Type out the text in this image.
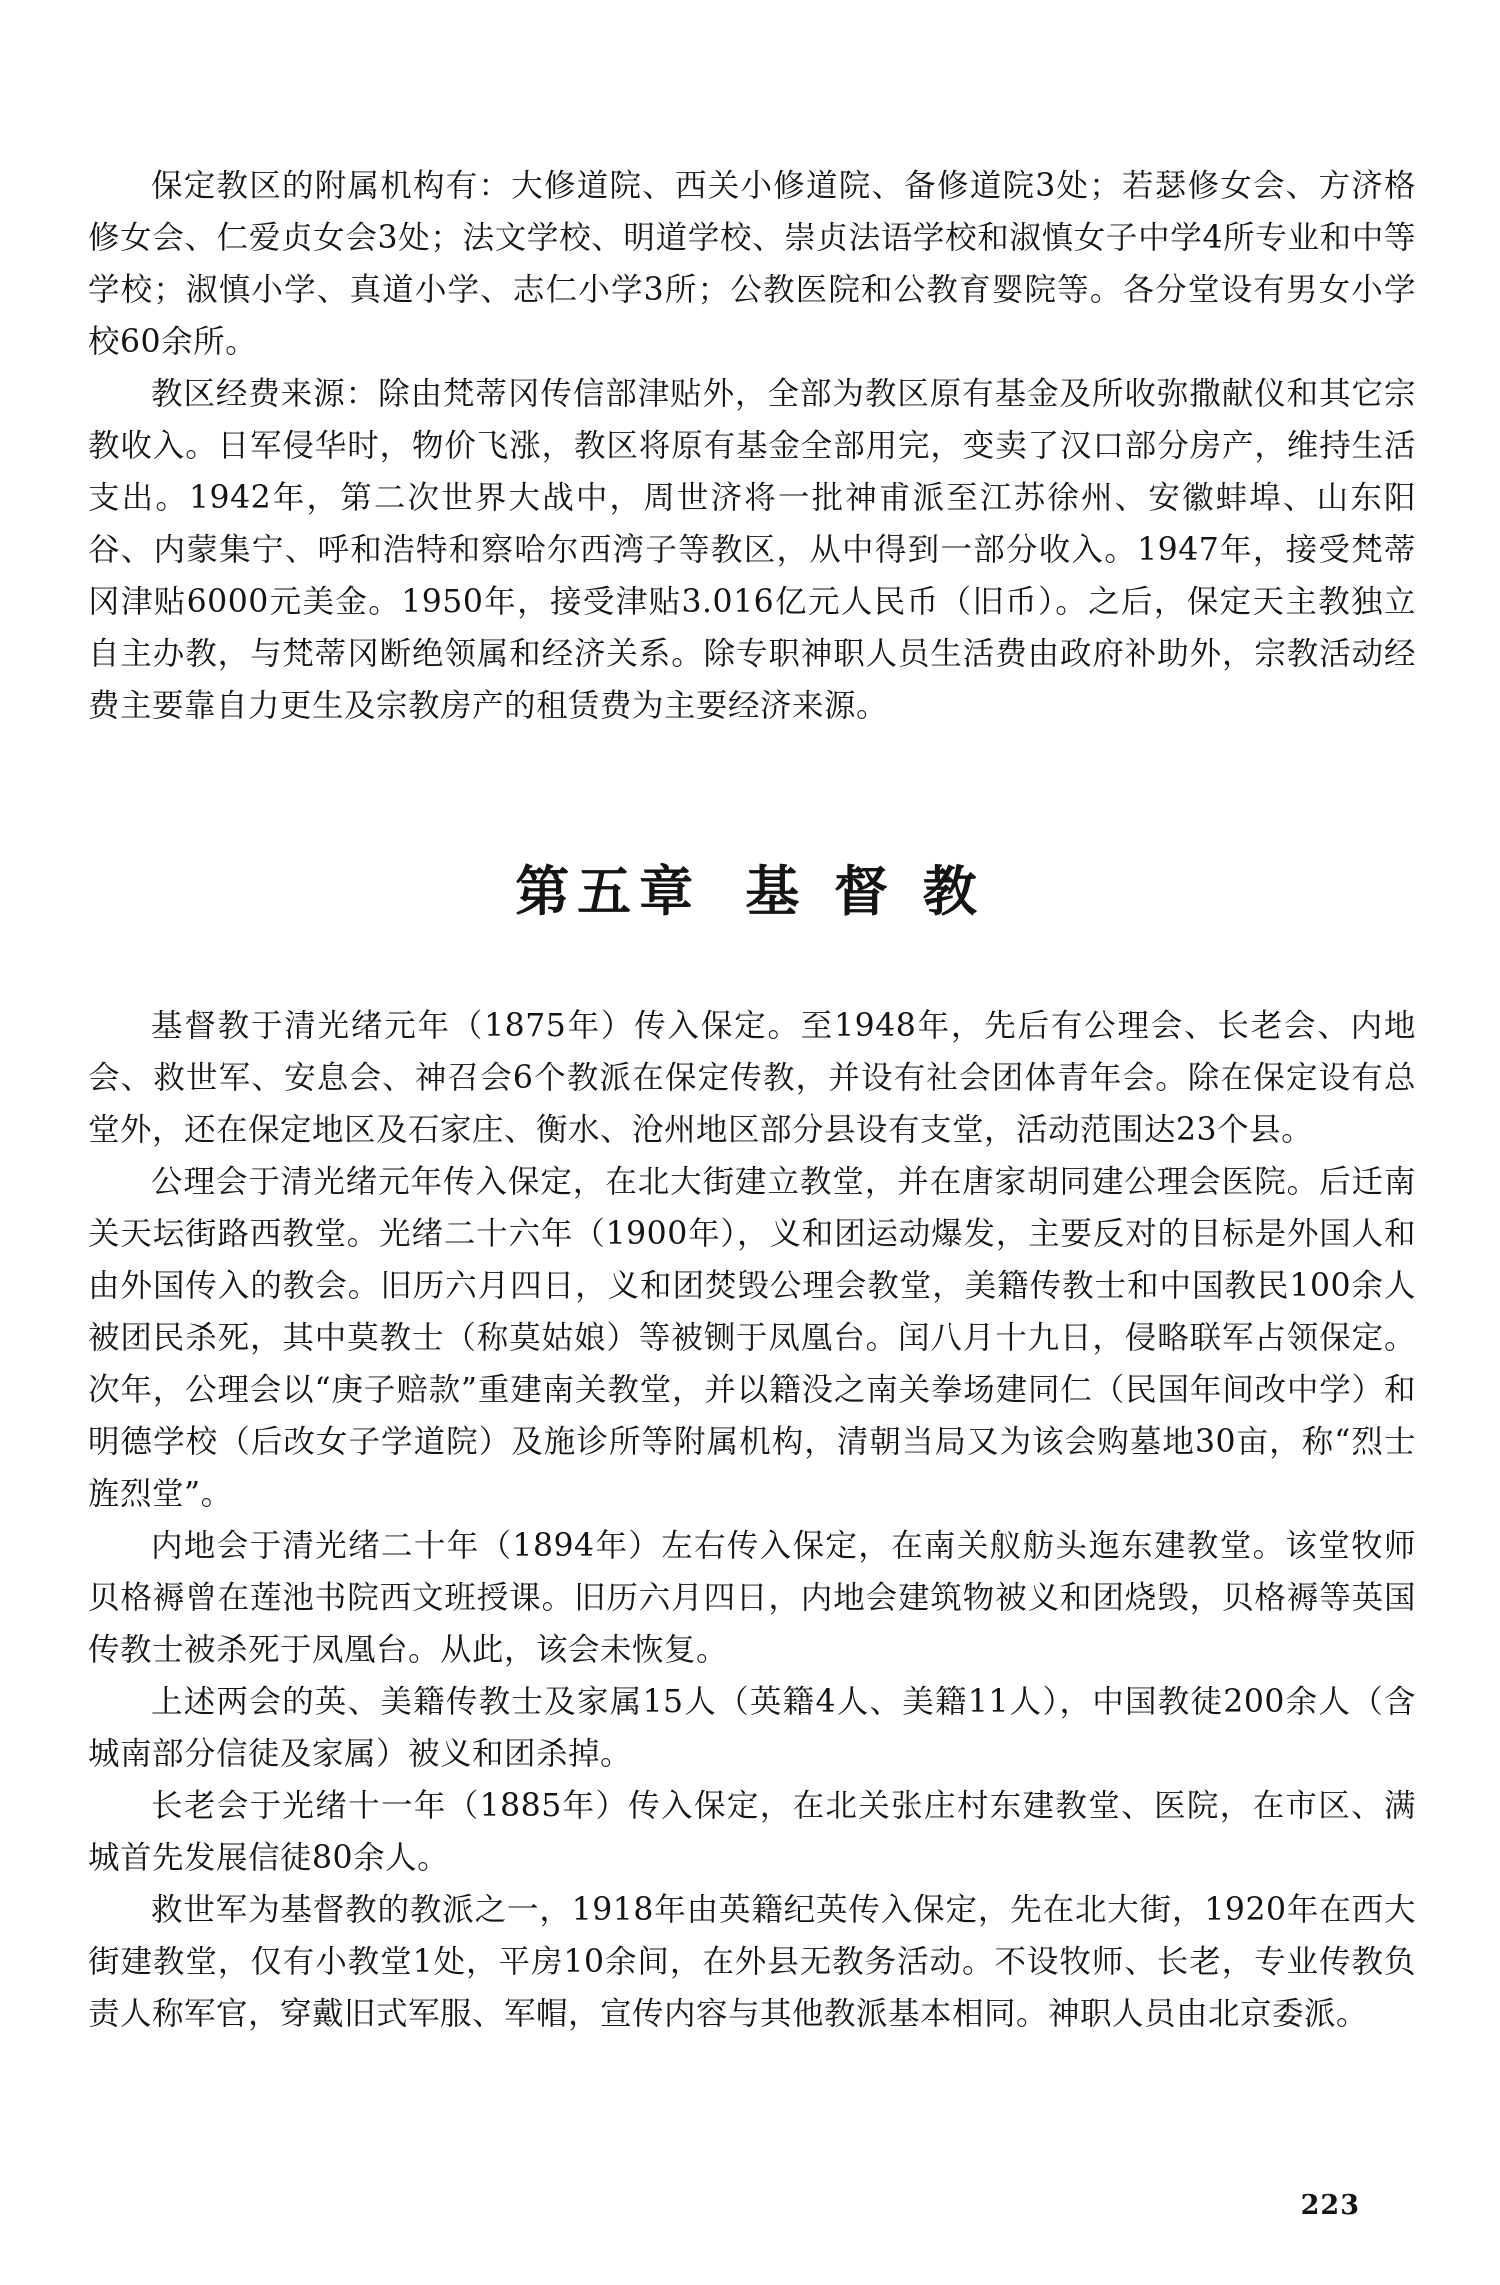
保定教区的附属机构有：大修道院、西关小修道院、备修道院3处；若瑟修女会、方济格修女会、仁爱贞女会3处；法文学校、明道学校、崇贞法语学校和淑慎女子中学4所专业和中等学校；淑慎小学、真道小学、志仁小学3所；公教医院和公教育婴院等。各分堂设有男女小学校60余所。

教区经费来源：除由梵蒂冈传信部津贴外，全部为教区原有基金及所收弥撒献仪和其它宗教收入。日军侵华时，物价飞涨，教区将原有基金全部用完，变卖了汉口部分房产，维持生活支出。1942年，第二次世界大战中，周世济将一批神甫派至江苏徐州、安徽蚌埠、山东阳谷、内蒙集宁、呼和浩特和察哈尔西湾子等教区，从中得到一部分收入。1947年，接受梵蒂冈津贴6000元美金。1950年，接受津贴3.016亿元人民币（旧币）。之后，保定天主教独立自主办教，与梵蒂冈断绝领属和经济关系。除专职神职人员生活费由政府补助外，宗教活动经费主要靠自力更生及宗教房产的租赁费为主要经济来源。

第五章 基 督 教

基督教于清光绪元年（1875年）传入保定。至1948年，先后有公理会、长老会、内地会、救世军、安息会、神召会6个教派在保定传教，并设有社会团体青年会。除在保定设有总堂外，还在保定地区及石家庄、衡水、沧州地区部分县设有支堂，活动范围达23个县。

公理会于清光绪元年传入保定，在北大街建立教堂，并在唐家胡同建公理会医院。后迁南关天坛街路西教堂。光绪二十六年（1900年），义和团运动爆发，主要反对的目标是外国人和由外国传入的教会。旧历六月四日，义和团焚毁公理会教堂，美籍传教士和中国教民100余人被团民杀死，其中莫教士（称莫姑娘）等被铡于凤凰台。闰八月十九日，侵略联军占领保定。次年，公理会以“庚子赔款”重建南关教堂，并以籍没之南关拳场建同仁（民国年间改中学）和明德学校（后改女子学道院）及施诊所等附属机构，清朝当局又为该会购墓地30亩，称“烈士旌烈堂”。

内地会于清光绪二十年（1894年）左右传入保定，在南关舣舫头迤东建教堂。该堂牧师贝格褥曾在莲池书院西文班授课。旧历六月四日，内地会建筑物被义和团烧毁，贝格褥等英国传教士被杀死于凤凰台。从此，该会未恢复。

上述两会的英、美籍传教士及家属15人（英籍4人、美籍11人），中国教徒200余人（含城南部分信徒及家属）被义和团杀掉。

长老会于光绪十一年（1885年）传入保定，在北关张庄村东建教堂、医院，在市区、满城首先发展信徒80余人。

救世军为基督教的教派之一，1918年由英籍纪英传入保定，先在北大街，1920年在西大街建教堂，仅有小教堂1处，平房10余间，在外县无教务活动。不设牧师、长老，专业传教负责人称军官，穿戴旧式军服、军帽，宣传内容与其他教派基本相同。神职人员由北京委派。

223
